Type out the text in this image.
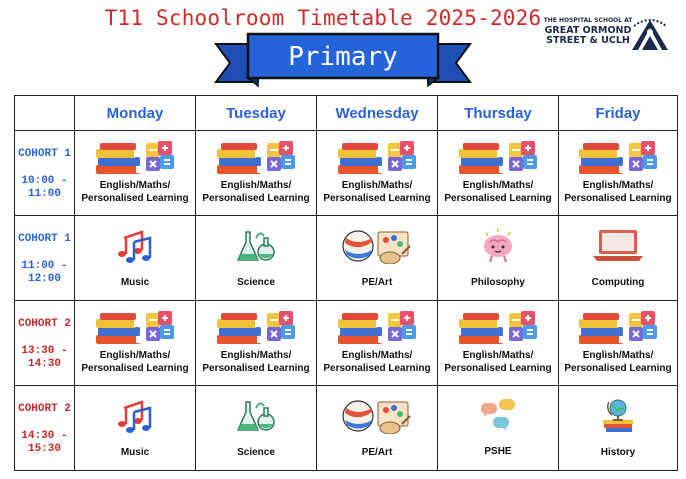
T11 Schoolroom Timetable 2025-2026 THE HOSPITAL SCHOOL AT
GREAT ORMOND
STREET & UCLH
Primary
	Monday	Tuesday	Wednesday	Thursday	Friday

COHORT 1
10:00 - 11:00	English/Maths/
Personalised Learning	English/Maths/
Personalised Learning	English/Maths/
Personalised Learning	English/Maths/
Personalised Learning	English/Maths/
Personalised Learning

COHORT 1
11:00 - 12:00	Music	Science	PE/Art	Philosophy	Computing

COHORT 2
13:30 - 14:30	English/Maths/
Personalised Learning	English/Maths/
Personalised Learning	English/Maths/
Personalised Learning	English/Maths/
Personalised Learning	English/Maths/
Personalised Learning

COHORT 2
14:30 - 15:30	Music	Science	PE/Art	PSHE	History
